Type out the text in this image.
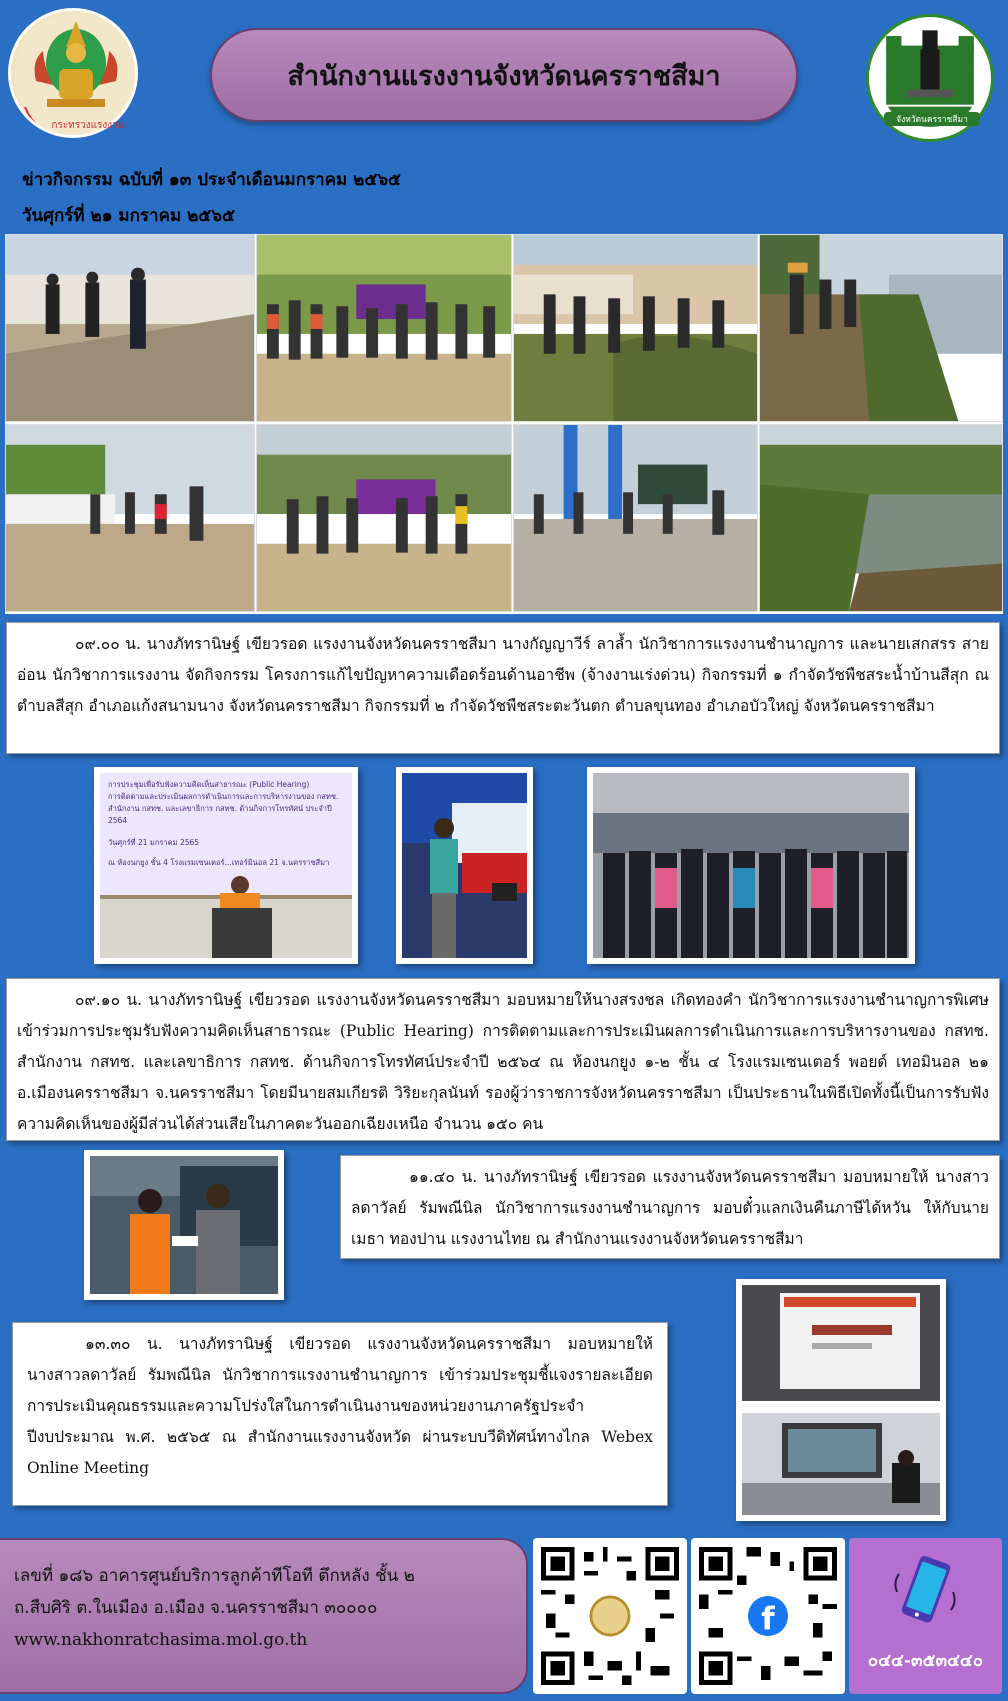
กระทรวงแรงงาน
สำนักงานแรงงานจังหวัดนครราชสีมา
จังหวัดนครราชสีมา
ข่าวกิจกรรม ฉบับที่ ๑๓ ประจำเดือนมกราคม ๒๕๖๕
วันศุกร์ที่ ๒๑ มกราคม ๒๕๖๕

๐๙.๐๐ น. นางภัทรานิษฐ์ เขียวรอด แรงงานจังหวัดนครราชสีมา นางกัญญาวีร์ ลาล้ำ นักวิชาการแรงงานชำนาญการ และนายเสกสรร สายอ่อน นักวิชาการแรงงาน จัดกิจกรรม โครงการแก้ไขปัญหาความเดือดร้อนด้านอาชีพ (จ้างงานเร่งด่วน) กิจกรรมที่ ๑ กำจัดวัชพืชสระน้ำบ้านสีสุก ณ ตำบลสีสุก อำเภอแก้งสนามนาง จังหวัดนครราชสีมา กิจกรรมที่ ๒ กำจัดวัชพืชสระตะวันตก ตำบลขุนทอง อำเภอบัวใหญ่ จังหวัดนครราชสีมา

การประชุมเพื่อรับฟังความคิดเห็นสาธารณะ (Public Hearing)
การติดตามและประเมินผลการดำเนินการและการบริหารงานของ กสทช.
สำนักงาน กสทช. และเลขาธิการ กสทช. ด้านกิจการโทรทัศน์ ประจำปี 2564
วันศุกร์ที่ 21 มกราคม 2565
ณ ห้องนกยูง ชั้น 4 โรงแรมเซนเตอร์...เทอร์มินอล 21 จ.นครราชสีมา

๐๙.๑๐ น. นางภัทรานิษฐ์ เขียวรอด แรงงานจังหวัดนครราชสีมา มอบหมายให้นางสรงชล เกิดทองคำ นักวิชาการแรงงานชำนาญการพิเศษ เข้าร่วมการประชุมรับฟังความคิดเห็นสาธารณะ (Public Hearing) การติดตามและการประเมินผลการดำเนินการและการบริหารงานของ กสทช. สำนักงาน กสทช. และเลขาธิการ กสทช. ด้านกิจการโทรทัศน์ประจำปี ๒๕๖๔ ณ ห้องนกยูง ๑-๒ ชั้น ๔ โรงแรมเซนเตอร์ พอยด์ เทอมินอล ๒๑ อ.เมืองนครราชสีมา จ.นครราชสีมา โดยมีนายสมเกียรติ วิริยะกุลนันท์ รองผู้ว่าราชการจังหวัดนครราชสีมา เป็นประธานในพิธีเปิดทั้งนี้เป็นการรับฟังความคิดเห็นของผู้มีส่วนได้ส่วนเสียในภาคตะวันออกเฉียงเหนือ จำนวน ๑๕๐ คน

๑๑.๔๐ น. นางภัทรานิษฐ์ เขียวรอด แรงงานจังหวัดนครราชสีมา มอบหมายให้ นางสาวลดาวัลย์ รัมพณีนิล นักวิชาการแรงงานชำนาญการ มอบตั๋วแลกเงินคืนภาษีได้หวัน ให้กับนายเมธา ทองปาน แรงงานไทย ณ สำนักงานแรงงานจังหวัดนครราชสีมา

๑๓.๓๐ น. นางภัทรานิษฐ์ เขียวรอด แรงงานจังหวัดนครราชสีมา มอบหมายให้ นางสาวลดาวัลย์ รัมพณีนิล นักวิชาการแรงงานชำนาญการ เข้าร่วมประชุมชี้แจงรายละเอียดการประเมินคุณธรรมและความโปร่งใสในการดำเนินงานของหน่วยงานภาครัฐประจำปีงบประมาณ พ.ศ. ๒๕๖๕ ณ สำนักงานแรงงานจังหวัด ผ่านระบบวีดิทัศน์ทางไกล Webex Online Meeting

เลขที่ ๑๘๖ อาคารศูนย์บริการลูกค้าทีโอที ตึกหลัง ชั้น ๒
ถ.สืบศิริ ต.ในเมือง อ.เมือง จ.นครราชสีมา ๓๐๐๐๐
www.nakhonratchasima.mol.go.th
f
๐๔๔-๓๕๓๔๔๐
